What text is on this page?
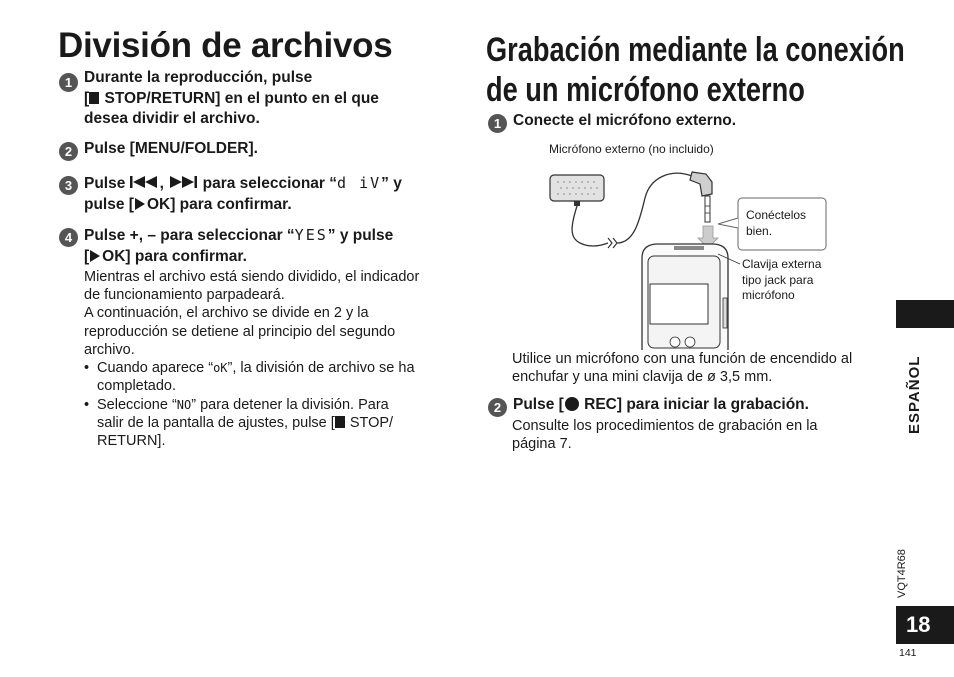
División de archivos
1 Durante la reproducción, pulse
[ STOP/RETURN] en el punto en el que
desea dividir el archivo.
2 Pulse [MENU/FOLDER].
3 Pulse , para seleccionar “d iV” y
pulse [ OK] para confirmar.
4 Pulse +, – para seleccionar “YES” y pulse
[ OK] para confirmar.
Mientras el archivo está siendo dividido, el indicador
de funcionamiento parpadeará.
A continuación, el archivo se divide en 2 y la
reproducción se detiene al principio del segundo
archivo.
• Cuando aparece “oK”, la división de archivo se ha
completado.
• Seleccione “NO” para detener la división. Para
salir de la pantalla de ajustes, pulse [ STOP/
RETURN].
Grabación mediante la conexión
de un micrófono externo
1 Conecte el micrófono externo.
Micrófono externo (no incluido)
Conéctelos
bien.
Clavija externa
tipo jack para
micrófono
Utilice un micrófono con una función de encendido al
enchufar y una mini clavija de ø 3,5 mm.
2 Pulse [ REC] para iniciar la grabación.
Consulte los procedimientos de grabación en la
página 7.
ESPAÑOL
VQT4R68
18
141
